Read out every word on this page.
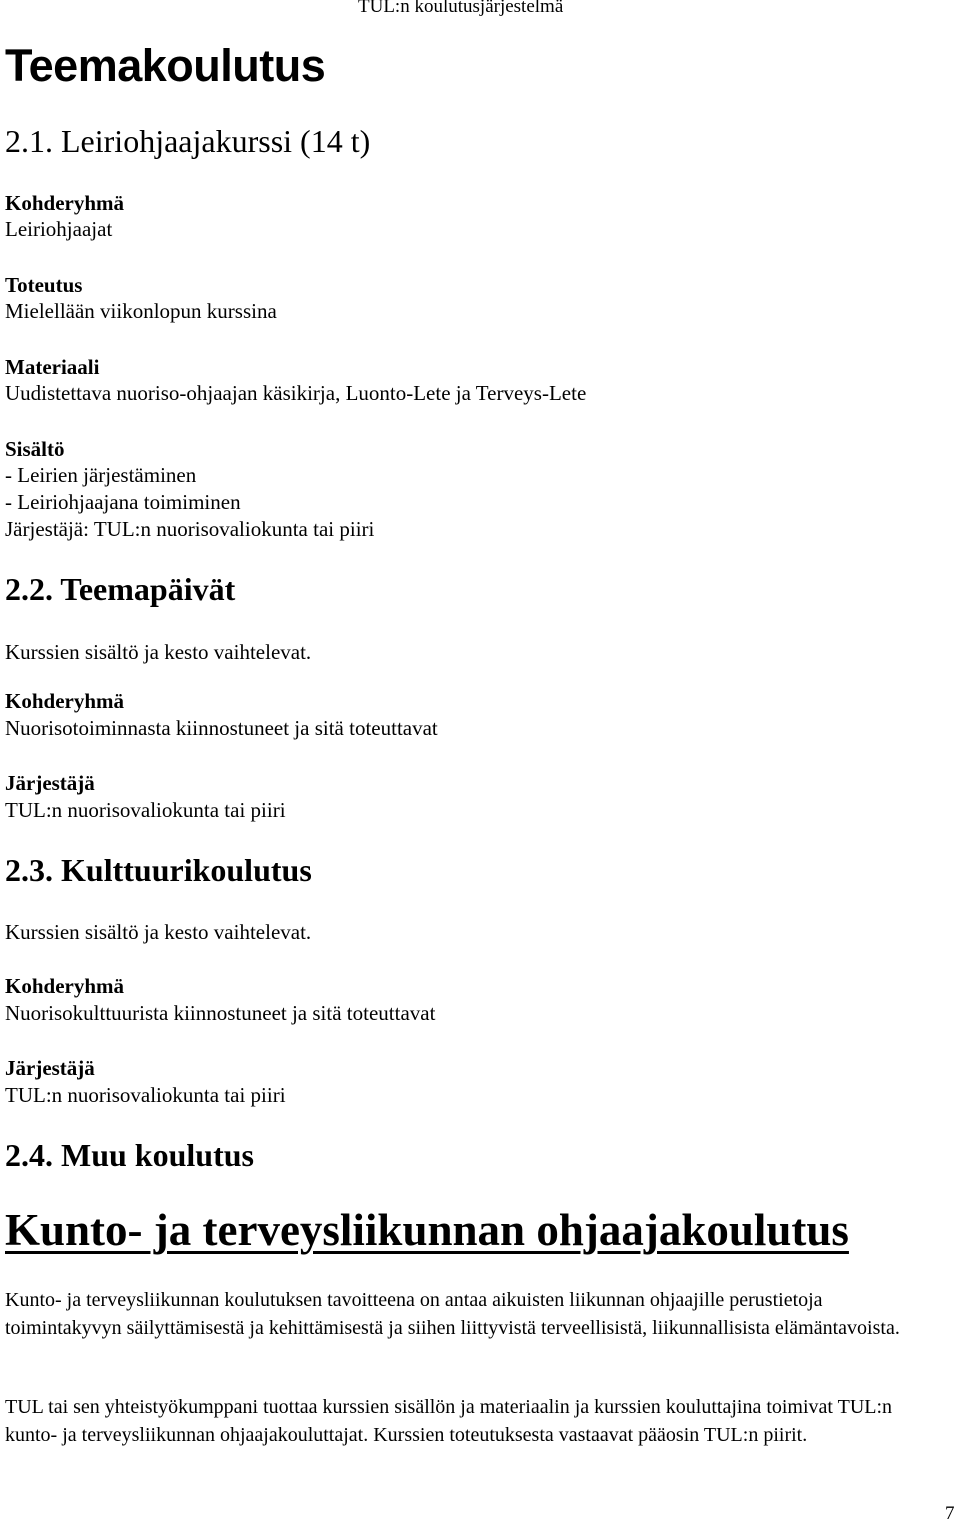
TUL:n koulutusjärjestelmä
Teemakoulutus
2.1. Leiriohjaajakurssi (14 t)
Kohderyhmä
Leiriohjaajat
Toteutus
Mielellään viikonlopun kurssina
Materiaali
Uudistettava nuoriso-ohjaajan käsikirja, Luonto-Lete ja Terveys-Lete
Sisältö
- Leirien järjestäminen
- Leiriohjaajana toimiminen
Järjestäjä: TUL:n nuorisovaliokunta tai piiri
2.2. Teemapäivät
Kurssien sisältö ja kesto vaihtelevat.
Kohderyhmä
Nuorisotoiminnasta kiinnostuneet ja sitä toteuttavat
Järjestäjä
TUL:n nuorisovaliokunta tai piiri
2.3. Kulttuurikoulutus
Kurssien sisältö ja kesto vaihtelevat.
Kohderyhmä
Nuorisokulttuurista kiinnostuneet ja sitä toteuttavat
Järjestäjä
TUL:n nuorisovaliokunta tai piiri
2.4. Muu koulutus
Kunto- ja terveysliikunnan ohjaajakoulutus
Kunto- ja terveysliikunnan koulutuksen tavoitteena on antaa aikuisten liikunnan ohjaajille perustietoja toimintakyvyn säilyttämisestä ja kehittämisestä ja siihen liittyvistä terveellisistä, liikunnallisista elämäntavoista.
TUL tai sen yhteistyökumppani tuottaa kurssien sisällön ja materiaalin ja kurssien kouluttajina toimivat TUL:n kunto- ja terveysliikunnan ohjaajakouluttajat. Kurssien toteutuksesta vastaavat pääosin TUL:n piirit.
7
